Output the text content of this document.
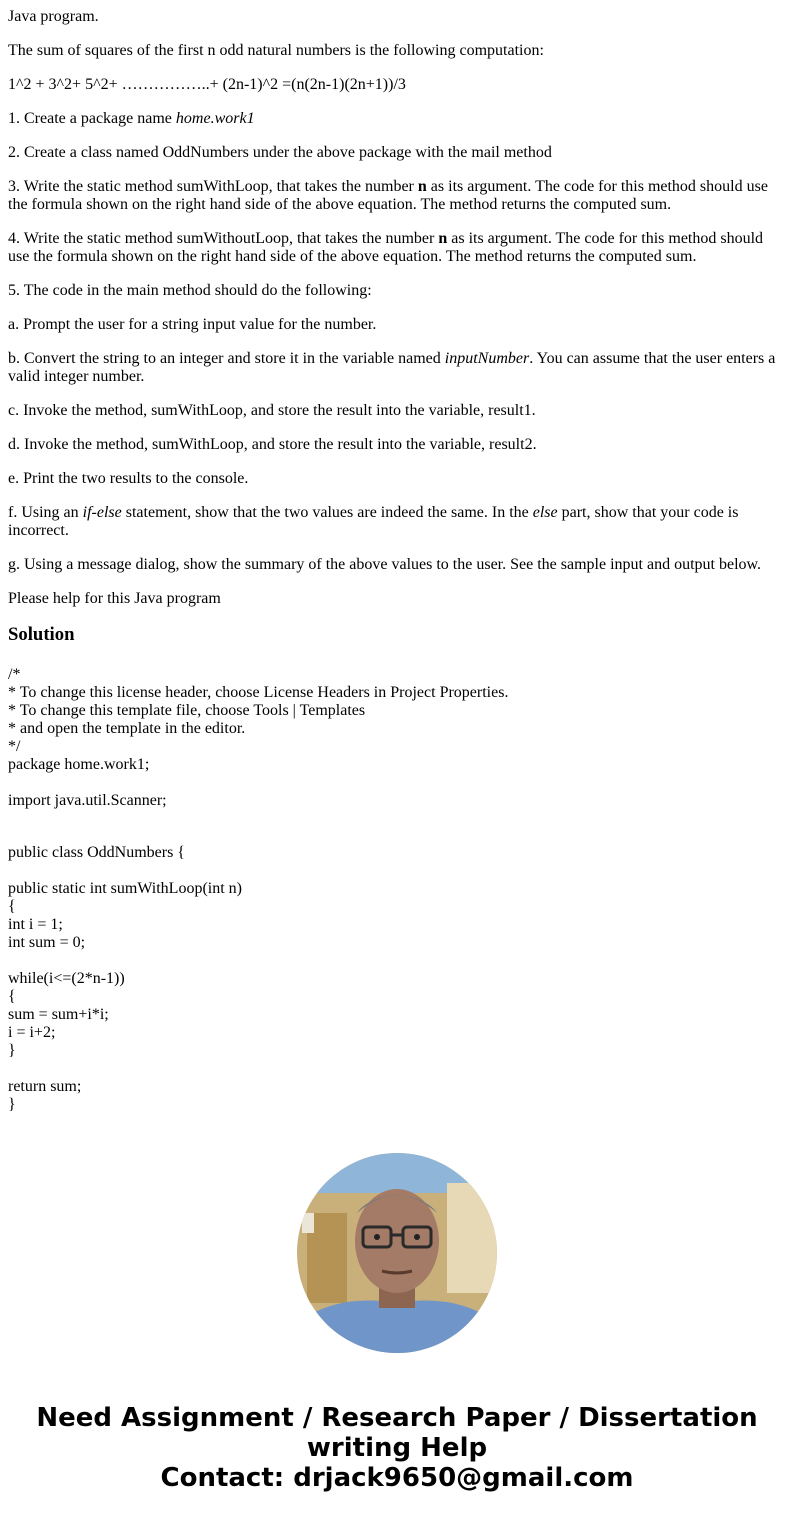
Java program.

The sum of squares of the first n odd natural numbers is the following computation:

1^2 + 3^2+ 5^2+ ……………..+ (2n-1)^2 =(n(2n-1)(2n+1))/3

1. Create a package name home.work1

2. Create a class named OddNumbers under the above package with the mail method

3. Write the static method sumWithLoop, that takes the number n as its argument. The code for this method should use the formula shown on the right hand side of the above equation. The method returns the computed sum.

4. Write the static method sumWithoutLoop, that takes the number n as its argument. The code for this method should use the formula shown on the right hand side of the above equation. The method returns the computed sum.

5. The code in the main method should do the following:

a. Prompt the user for a string input value for the number.

b. Convert the string to an integer and store it in the variable named inputNumber. You can assume that the user enters a valid integer number.

c. Invoke the method, sumWithLoop, and store the result into the variable, result1.

d. Invoke the method, sumWithLoop, and store the result into the variable, result2.

e. Print the two results to the console.

f. Using an if-else statement, show that the two values are indeed the same. In the else part, show that your code is incorrect.

g. Using a message dialog, show the summary of the above values to the user. See the sample input and output below.

Please help for this Java program

Solution
/*
* To change this license header, choose License Headers in Project Properties.
* To change this template file, choose Tools | Templates
* and open the template in the editor.
*/
package home.work1;
import java.util.Scanner;
public class OddNumbers {
public static int sumWithLoop(int n)
{
int i = 1;
int sum = 0;
while(i<=(2*n-1))
{
sum = sum+i*i;
i = i+2;
}
return sum;
}
Need Assignment / Research Paper / Dissertation
writing Help
Contact: drjack9650@gmail.com
